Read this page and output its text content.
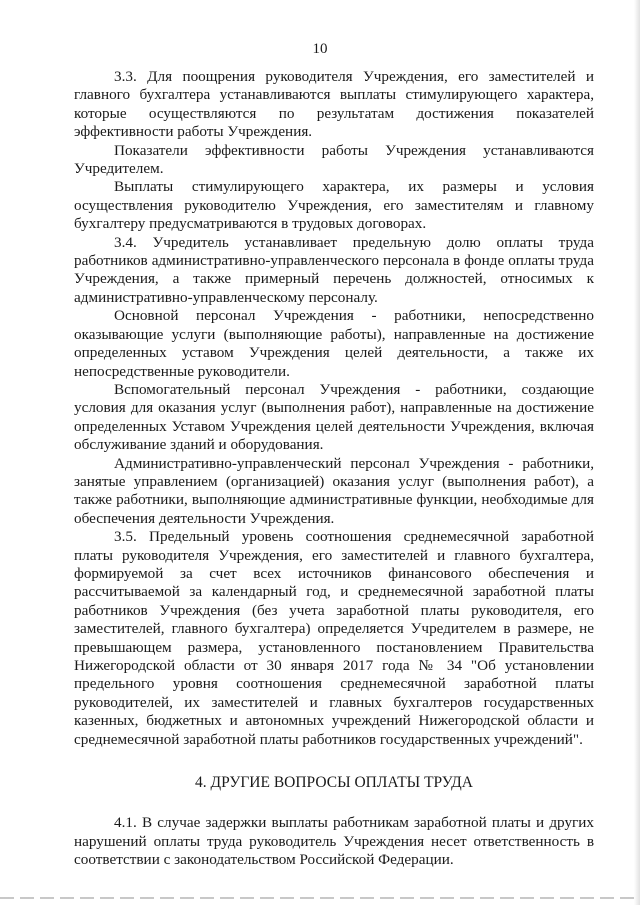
10

3.3. Для поощрения руководителя Учреждения, его заместителей и главного бухгалтера устанавливаются выплаты стимулирующего характера, которые осуществляются по результатам достижения показателей эффективности работы Учреждения.

Показатели эффективности работы Учреждения устанавливаются Учредителем.

Выплаты стимулирующего характера, их размеры и условия осуществления руководителю Учреждения, его заместителям и главному бухгалтеру предусматриваются в трудовых договорах.

3.4. Учредитель устанавливает предельную долю оплаты труда работников административно-управленческого персонала в фонде оплаты труда Учреждения, а также примерный перечень должностей, относимых к административно-управленческому персоналу.

Основной персонал Учреждения - работники, непосредственно оказывающие услуги (выполняющие работы), направленные на достижение определенных уставом Учреждения целей деятельности, а также их непосредственные руководители.

Вспомогательный персонал Учреждения - работники, создающие условия для оказания услуг (выполнения работ), направленные на достижение определенных Уставом Учреждения целей деятельности Учреждения, включая обслуживание зданий и оборудования.

Административно-управленческий персонал Учреждения - работники, занятые управлением (организацией) оказания услуг (выполнения работ), а также работники, выполняющие административные функции, необходимые для обеспечения деятельности Учреждения.

3.5. Предельный уровень соотношения среднемесячной заработной платы руководителя Учреждения, его заместителей и главного бухгалтера, формируемой за счет всех источников финансового обеспечения и рассчитываемой за календарный год, и среднемесячной заработной платы работников Учреждения (без учета заработной платы руководителя, его заместителей, главного бухгалтера) определяется Учредителем в размере, не превышающем размера, установленного постановлением Правительства Нижегородской области от 30 января 2017 года № 34 "Об установлении предельного уровня соотношения среднемесячной заработной платы руководителей, их заместителей и главных бухгалтеров государственных казенных, бюджетных и автономных учреждений Нижегородской области и среднемесячной заработной платы работников государственных учреждений".

4. ДРУГИЕ ВОПРОСЫ ОПЛАТЫ ТРУДА

4.1. В случае задержки выплаты работникам заработной платы и других нарушений оплаты труда руководитель Учреждения несет ответственность в соответствии с законодательством Российской Федерации.
